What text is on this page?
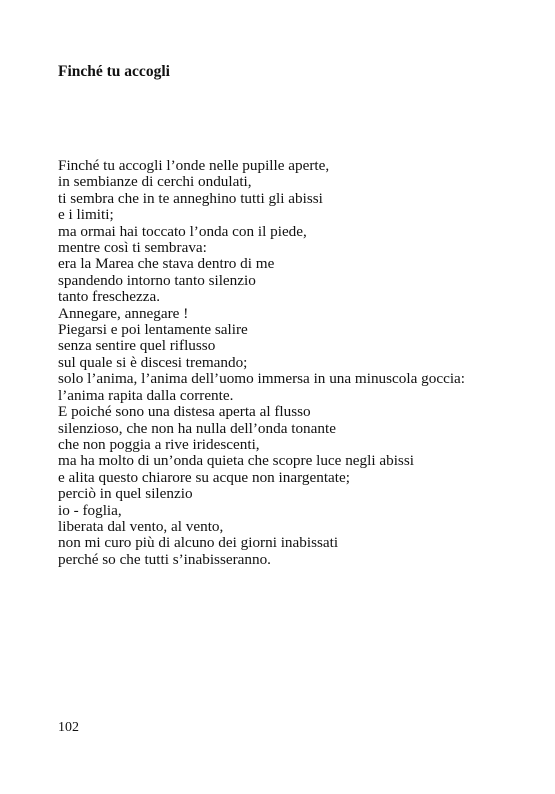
Finché tu accogli
Finché tu accogli l’onde nelle pupille aperte,
in sembianze di cerchi ondulati,
ti sembra che in te anneghino tutti gli abissi
e i limiti;
ma ormai hai toccato l’onda con il piede,
mentre così ti sembrava:
era la Marea che stava dentro di me
spandendo intorno tanto silenzio
tanto freschezza.
Annegare, annegare !
Piegarsi e poi lentamente salire
senza sentire quel riflusso
sul quale si è discesi tremando;
solo l’anima, l’anima dell’uomo immersa in una minuscola goccia:
l’anima rapita dalla corrente.
E poiché sono una distesa aperta al flusso
silenzioso, che non ha nulla dell’onda tonante
che non poggia a rive iridescenti,
ma ha molto di un’onda quieta che scopre luce negli abissi
e alita questo chiarore su acque non inargentate;
perciò in quel silenzio
io - foglia,
liberata dal vento, al vento,
non mi curo più di alcuno dei giorni inabissati
perché so che tutti s’inabisseranno.
102
